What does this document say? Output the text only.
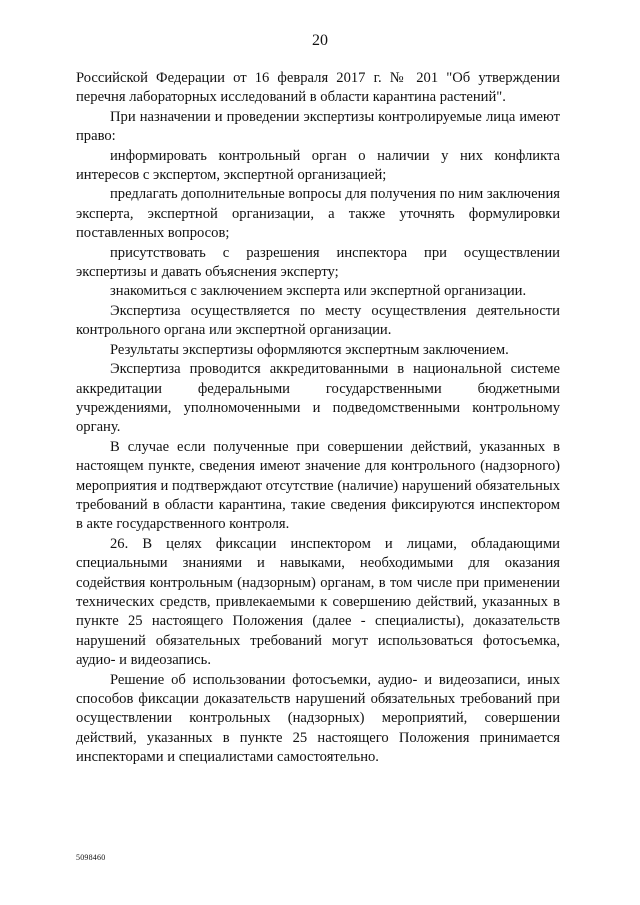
20

Российской Федерации от 16 февраля 2017 г. № 201 "Об утверждении перечня лабораторных исследований в области карантина растений".

При назначении и проведении экспертизы контролируемые лица имеют право:

информировать контрольный орган о наличии у них конфликта интересов с экспертом, экспертной организацией;

предлагать дополнительные вопросы для получения по ним заключения эксперта, экспертной организации, а также уточнять формулировки поставленных вопросов;

присутствовать с разрешения инспектора при осуществлении экспертизы и давать объяснения эксперту;

знакомиться с заключением эксперта или экспертной организации.

Экспертиза осуществляется по месту осуществления деятельности контрольного органа или экспертной организации.

Результаты экспертизы оформляются экспертным заключением.

Экспертиза проводится аккредитованными в национальной системе аккредитации федеральными государственными бюджетными учреждениями, уполномоченными и подведомственными контрольному органу.

В случае если полученные при совершении действий, указанных в настоящем пункте, сведения имеют значение для контрольного (надзорного) мероприятия и подтверждают отсутствие (наличие) нарушений обязательных требований в области карантина, такие сведения фиксируются инспектором в акте государственного контроля.

26. В целях фиксации инспектором и лицами, обладающими специальными знаниями и навыками, необходимыми для оказания содействия контрольным (надзорным) органам, в том числе при применении технических средств, привлекаемыми к совершению действий, указанных в пункте 25 настоящего Положения (далее - специалисты), доказательств нарушений обязательных требований могут использоваться фотосъемка, аудио- и видеозапись.

Решение об использовании фотосъемки, аудио- и видеозаписи, иных способов фиксации доказательств нарушений обязательных требований при осуществлении контрольных (надзорных) мероприятий, совершении действий, указанных в пункте 25 настоящего Положения принимается инспекторами и специалистами самостоятельно.

5098460
